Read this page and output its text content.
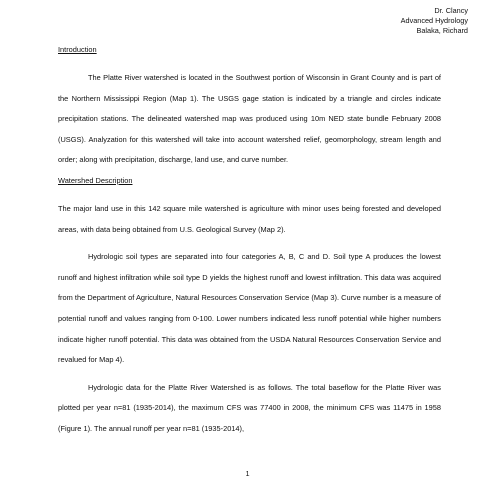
Dr. Clancy
Advanced Hydrology
Balaka, Richard
Introduction

The Platte River watershed is located in the Southwest portion of Wisconsin in Grant County and is part of the Northern Mississippi Region (Map 1). The USGS gage station is indicated by a triangle and circles indicate precipitation stations. The delineated watershed map was produced using 10m NED state bundle February 2008 (USGS). Analyzation for this watershed will take into account watershed relief, geomorphology, stream length and order; along with precipitation, discharge, land use, and curve number.

Watershed Description

The major land use in this 142 square mile watershed is agriculture with minor uses being forested and developed areas, with data being obtained from U.S. Geological Survey (Map 2).

Hydrologic soil types are separated into four categories A, B, C and D. Soil type A produces the lowest runoff and highest infiltration while soil type D yields the highest runoff and lowest infiltration. This data was acquired from the Department of Agriculture, Natural Resources Conservation Service (Map 3). Curve number is a measure of potential runoff and values ranging from 0-100. Lower numbers indicated less runoff potential while higher numbers indicate higher runoff potential. This data was obtained from the USDA Natural Resources Conservation Service and revalued for Map 4).

Hydrologic data for the Platte River Watershed is as follows. The total baseflow for the Platte River was plotted per year n=81 (1935-2014), the maximum CFS was 77400 in 2008, the minimum CFS was 11475 in 1958 (Figure 1). The annual runoff per year n=81 (1935-2014),

1
